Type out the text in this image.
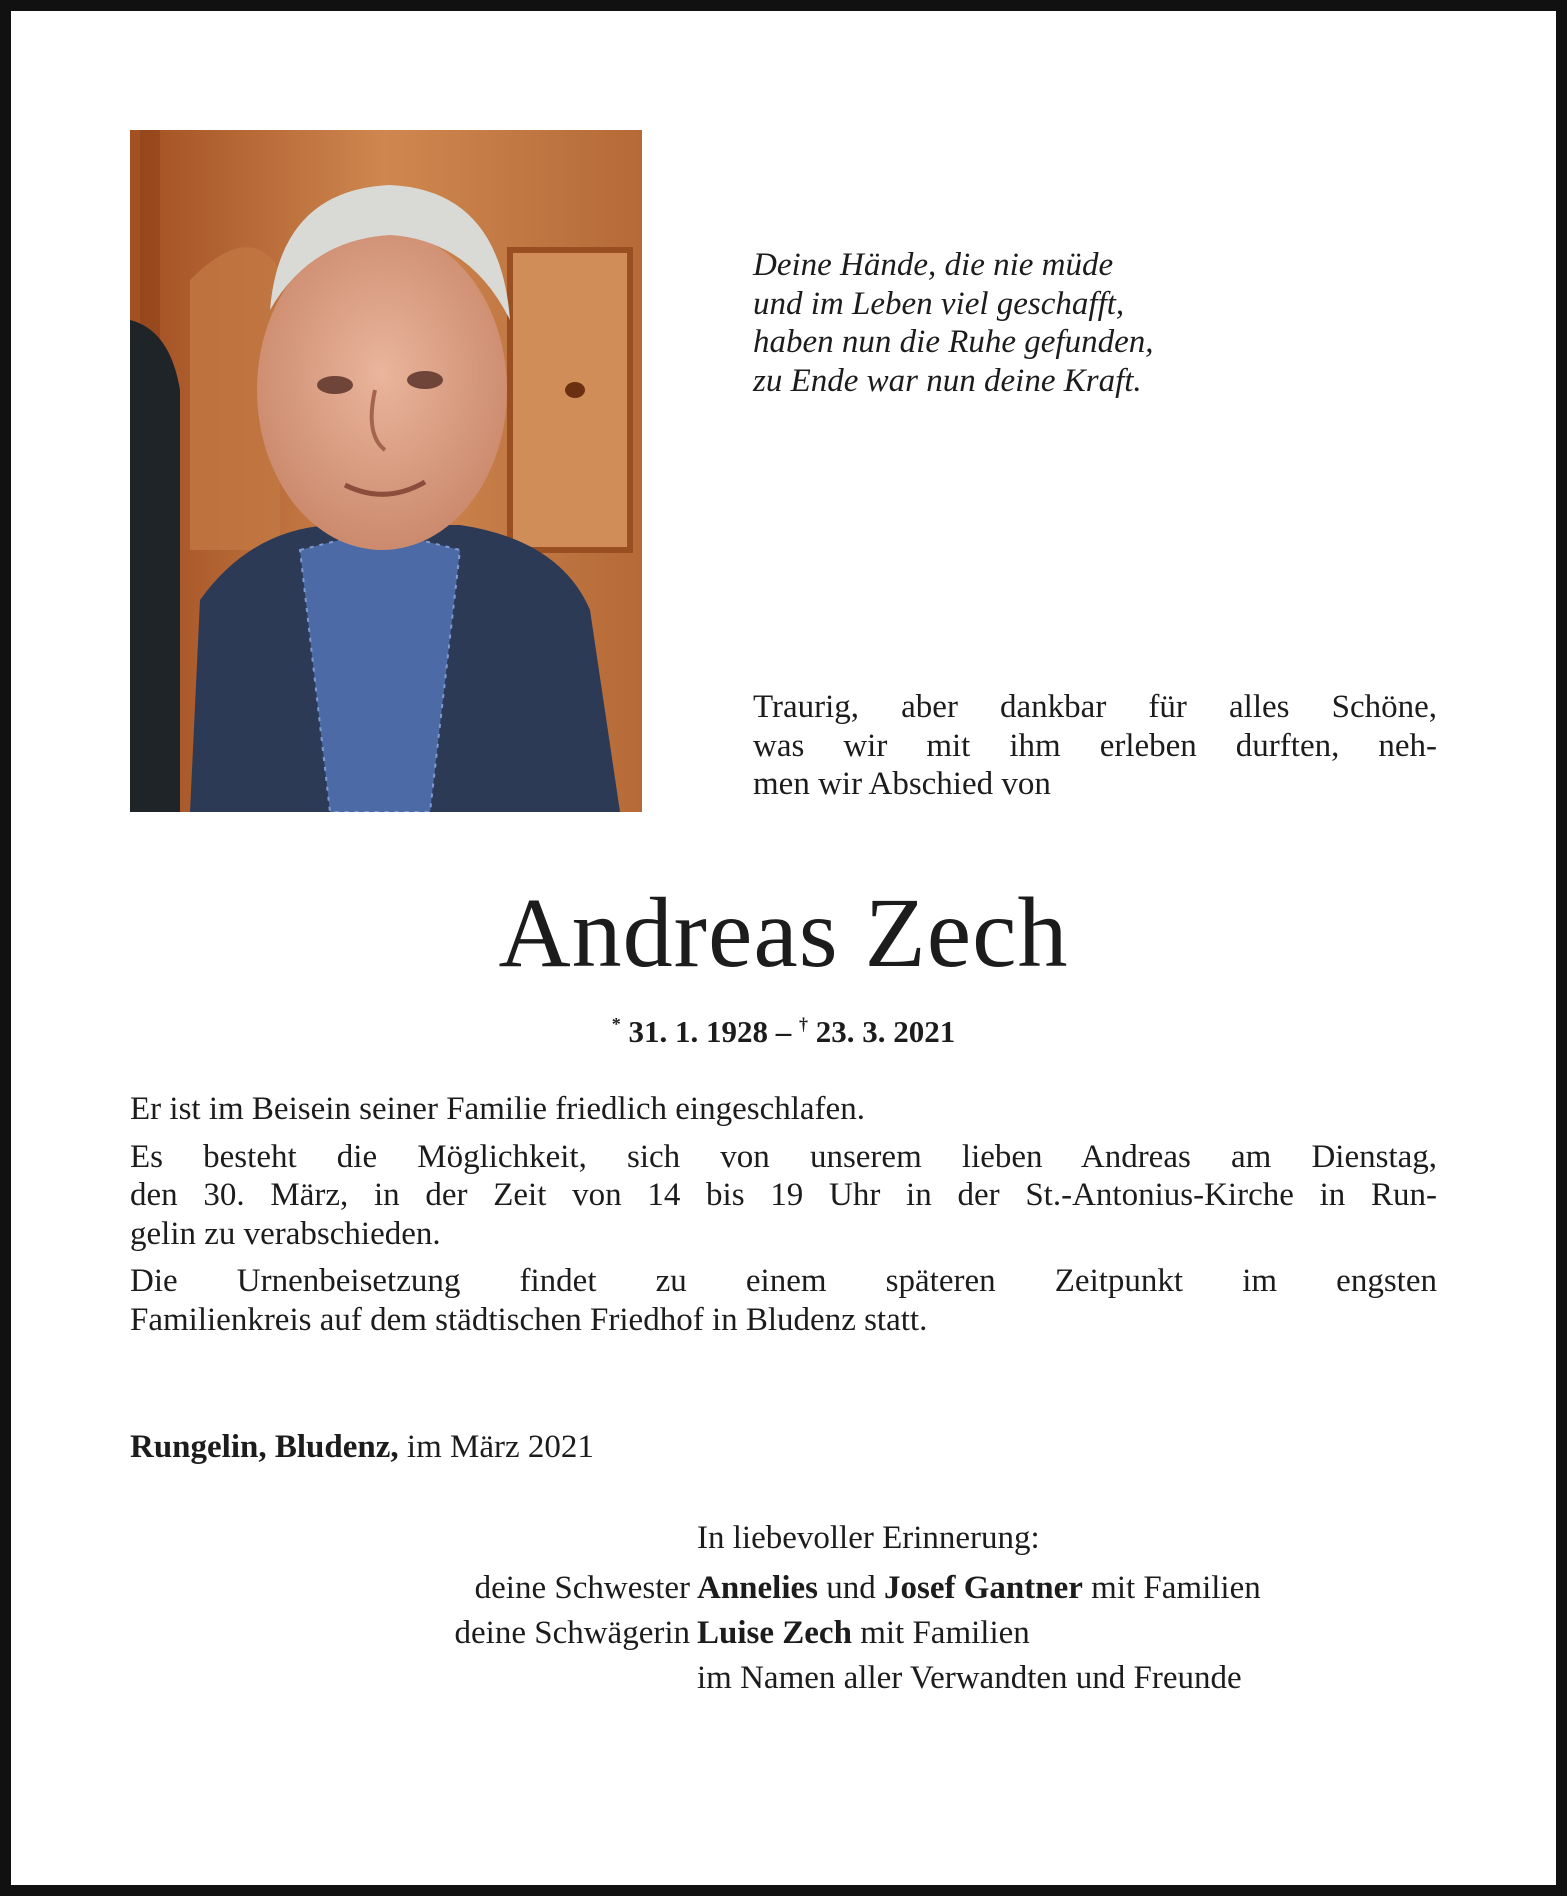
Deine Hände, die nie müde
und im Leben viel geschafft,
haben nun die Ruhe gefunden,
zu Ende war nun deine Kraft.
Traurig, aber dankbar für alles Schöne,
was wir mit ihm erleben durften, neh-
men wir Abschied von
Andreas Zech
* 31. 1. 1928 – † 23. 3. 2021
Er ist im Beisein seiner Familie friedlich eingeschlafen.
Es besteht die Möglichkeit, sich von unserem lieben Andreas am Dienstag,
den 30. März, in der Zeit von 14 bis 19 Uhr in der St.-Antonius-Kirche in Run-
gelin zu verabschieden.
Die Urnenbeisetzung findet zu einem späteren Zeitpunkt im engsten
Familienkreis auf dem städtischen Friedhof in Bludenz statt.
Rungelin, Bludenz, im März 2021
In liebevoller Erinnerung:
deine Schwester Annelies und Josef Gantner mit Familien
deine Schwägerin Luise Zech mit Familien
im Namen aller Verwandten und Freunde
